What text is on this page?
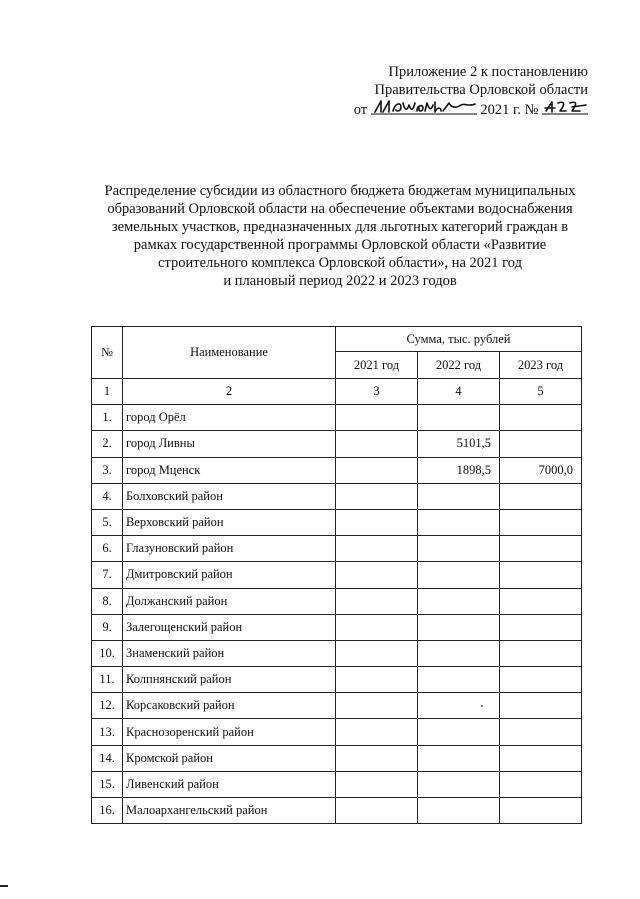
Приложение 2 к постановлению
Правительства Орловской области
от	2021 г. №
Распределение субсидии из областного бюджета бюджетам муниципальных
образований Орловской области на обеспечение объектами водоснабжения
земельных участков, предназначенных для льготных категорий граждан в
рамках государственной программы Орловской области «Развитие
строительного комплекса Орловской области», на 2021 год
и плановый период 2022 и 2023 годов
№	Наименование	Сумма, тыс. рублей		
		2021 год	2022 год	2023 год
1	2	3	4	5
1.	город Орёл			
2.	город Ливны		5101,5	
3.	город Мценск		1898,5	7000,0
4.	Болховский район			
5.	Верховский район			
6.	Глазуновский район			
7.	Дмитровский район			
8.	Должанский район			
9.	Залегощенский район			
10.	Знаменский район			
11.	Колпнянский район			
12.	Корсаковский район			
13.	Краснозоренский район			
14.	Кромской район			
15.	Ливенский район			
16.	Малоархангельский район			
